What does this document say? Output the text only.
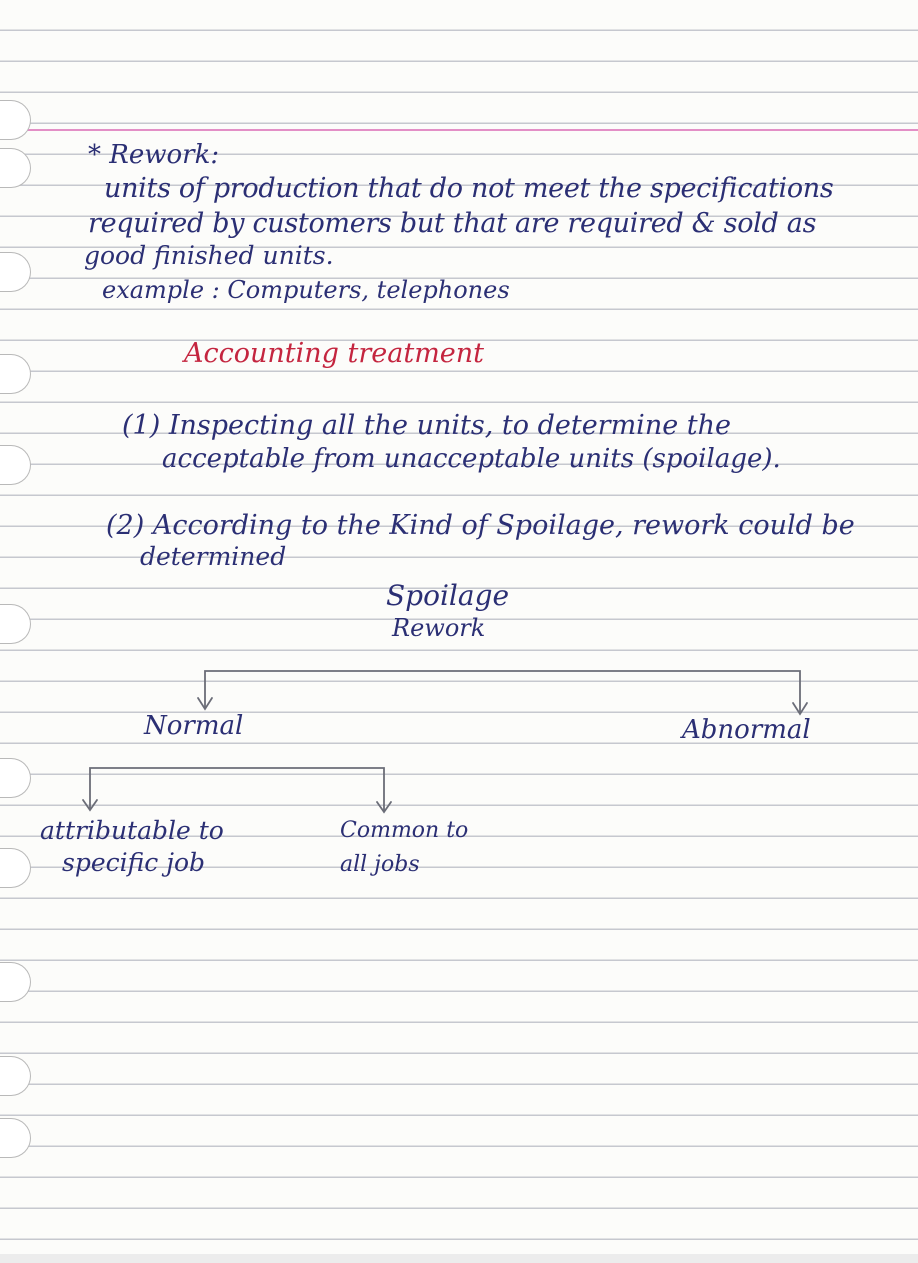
* Rework:

units of production that do not meet the specifications

required by customers but that are required & sold as

good finished units.

example : Computers, telephones

Accounting treatment

(1) Inspecting all the units, to determine the

acceptable from unacceptable units (spoilage).

(2) According to the Kind of Spoilage, rework could be

determined

Spoilage

Rework

Normal	Abnormal

attributable to

specific job

Common to

all jobs
